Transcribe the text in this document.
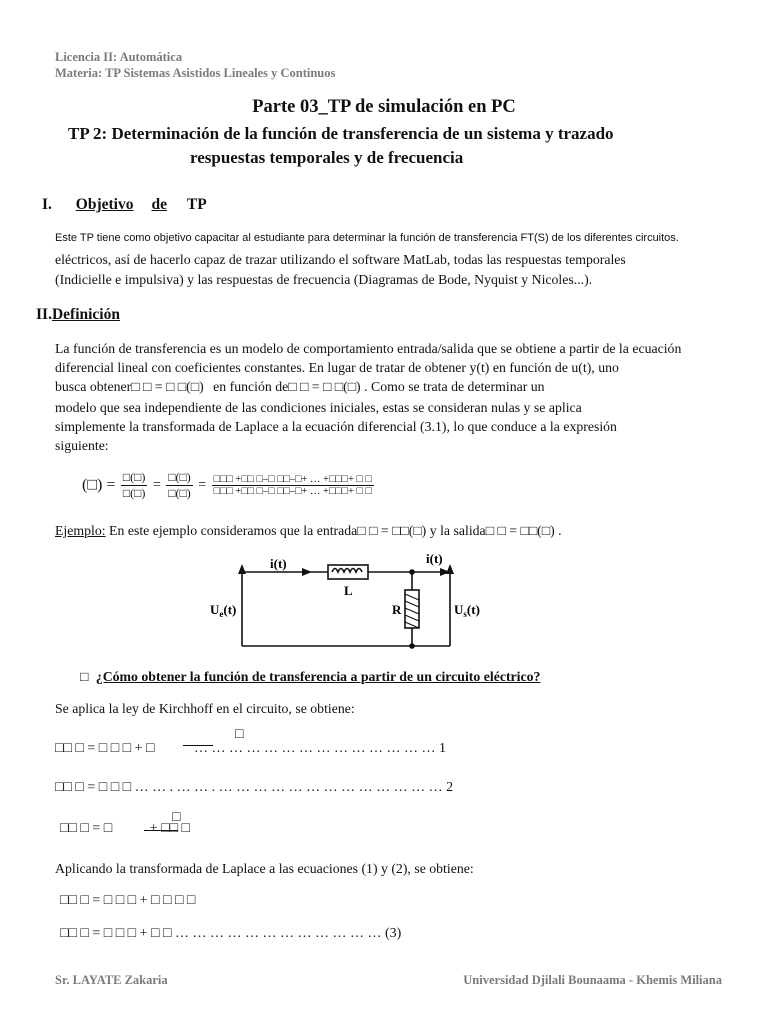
Licencia II: Automática
Materia: TP Sistemas Asistidos Lineales y Continuos
Parte 03_TP de simulación en PC
TP 2: Determinación de la función de transferencia de un sistema y trazado
respuestas temporales y de frecuencia
I. Objetivo de TP
Este TP tiene como objetivo capacitar al estudiante para determinar la función de transferencia FT(S) de los diferentes circuitos.
eléctricos, así de hacerlo capaz de trazar utilizando el software MatLab, todas las respuestas temporales
(Indicielle e impulsiva) y las respuestas de frecuencia (Diagramas de Bode, Nyquist y Nicoles...).
II.Definición
La función de transferencia es un modelo de comportamiento entrada/salida que se obtiene a partir de la ecuación
diferencial lineal con coeficientes constantes. En lugar de tratar de obtener y(t) en función de u(t), uno
busca obtener□ □ = □ □(□) en función de□ □ = □ □(□) . Como se trata de determinar un
modelo que sea independiente de las condiciones iniciales, estas se consideran nulas y se aplica
simplemente la transformada de Laplace a la ecuación diferencial (3.1), lo que conduce a la expresión
siguiente:
(□) = $\frac{□(□)}{□(□)} = \frac{□(□)}{□(□)} = \frac{□□□ +□□ □-□ □□-□+ \dots +□□□+ □ □}{□□□ +□□ □-□ □□-□+ \dots +□□□+ □ □}$
Ejemplo: En este ejemplo consideramos que la entrada□ □ = □□(□) y la salida□ □ = □□(□) .
i(t)	i(t)
L
R
$U_e(t)$	$U_s(t)$
□ ¿Cómo obtener la función de transferencia a partir de un circuito eléctrico?
Se aplica la ley de Kirchhoff en el circuito, se obtiene:
□
□□ □ = □ □ □ + □	… … … … … … … … … … … … … … 1
□□ □ = □ □ □ … … . … … . … … … … … … … … … … … … … 2
□
□□ □ = □	+ □□ □
Aplicando la transformada de Laplace a las ecuaciones (1) y (2), se obtiene:
□□ □ = □ □ □ + □ □ □ □
□□ □ = □ □ □ + □ □ … … … … … … … … … … … … (3)
Sr. LAYATE Zakaria	Universidad Djilali Bounaama - Khemis Miliana
